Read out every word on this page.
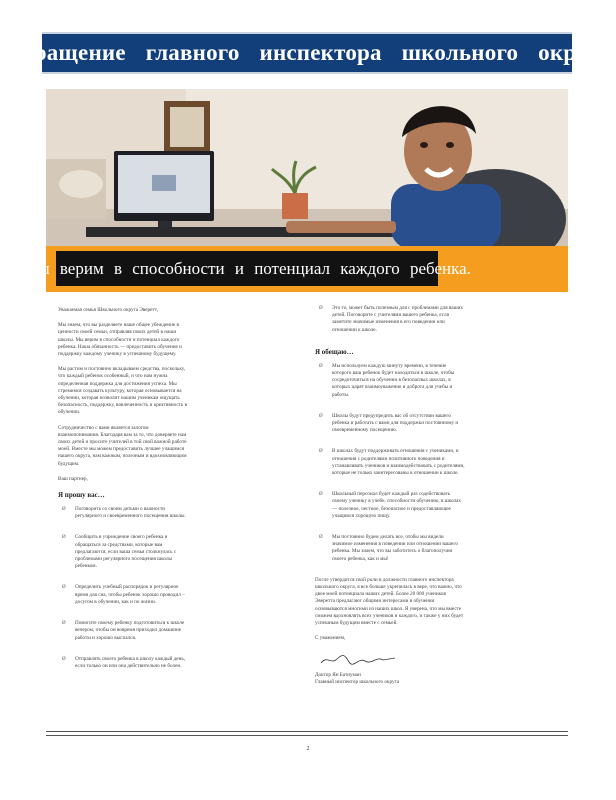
Обращение главного инспектора школьного округа
Мы верим в способности и потенциал каждого ребенка.

Уважаемая семья Школьного округа Эверетт,

Мы знаем, что вы разделяете наше общее убеждение в ценности своей семьи, отправляя своих детей в наши школы. Мы верим в способности и потенциал каждого ребенка. Наша обязанность — предоставить обучение и поддержку каждому ученику в успешному будущему.

Мы растим и постоянно вкладываем средства, поскольку, что каждый ребенок особенный, и что нам нужна определенная поддержка для достижения успеха. Мы стремимся создавать культуру, которая основывается на обучении, которая позволит нашим ученикам ощущать безопасность, поддержку, вовлеченность и креативность в обучении.

Сотрудничество с вами является залогом взаимопонимания. Благодаря вам за то, что доверяете нам своих детей и просите учителей в той свой важной работе моей. Вместе мы можем предоставить лучшее учащимся нашего округа, нам важным, полезным и вдохновляющим будущим.

Ваш партнер,

Я прошу вас…
Ø Поговорить со своим детьми о важности регулярного и своевременного посещения школы.
Ø Сообщить в учреждение своего ребенка и обращаться за средствами, которые вам предлагаются, если ваша семья столкнулась с проблемами регулярного посещения школы ребенком.
Ø Определить учебный распорядок и регулярное время для сна, чтобы ребенок хорошо проводил – досугом в обучении, как и по жизни.
Ø Помогите своему ребенку подготовиться к школе вечером, чтобы он вовремя приходил домашние работы и хорошо выспался.
Ø Отправлять своего ребенка в школу каждый день, если только он или она действительно не болен.
Ø Это то, может быть полезным для с проблемами для ваших детей. Поговорите с учителями вашего ребенка, если заметите значимые изменения в его поведении или отношении к школе.
Я обещаю…
Ø Мы используем каждую минуту времени, в течение которого ваш ребенок будет находиться в школе, чтобы сосредоточиться на обучении в безопасных школах, в которых царят взаимоуважение и доброта для учебы и работы.
Ø Школы будут предупредить вас об отсутствии вашего ребенка и работать с вами для поддержки постоянному и своевременному посещению.
Ø В школах будут поддерживать отношения с учениками, и отношения с родителями позитивного поведения и устанавливать учеников и взаимодействовать с родителями, которые не только заинтересованы в отношении к школе.
Ø Школьный персонал будет каждый раз содействовать своему ученику в учебе, способности обучению, в школах — полезное, честное, безопасное и предоставляющее учащимся хорошую пищу.
Ø Мы постоянно будем делать все, чтобы мы видели значимое изменения в поведении или отношении вашего ребенка. Мы знаем, что вы заботитесь о благополучии своего ребенка, как и мы!

После утвердится свой роли в должности главного инспектора школьного округа, я все больше укрепилась в вере, что важно, что двое моей потенциала наших детей. Более 20 000 учеников Эверетта предлагают общими интересами в обучении основываются многими из наших школ. Я уверена, что мы вместе сможем вдохновлять всех учеников и каждого, и также у них будет успешным будущим вместе с семьей.

С уважением,

Доктор Ян Батиуман
Главный инспектор школьного округа
2
